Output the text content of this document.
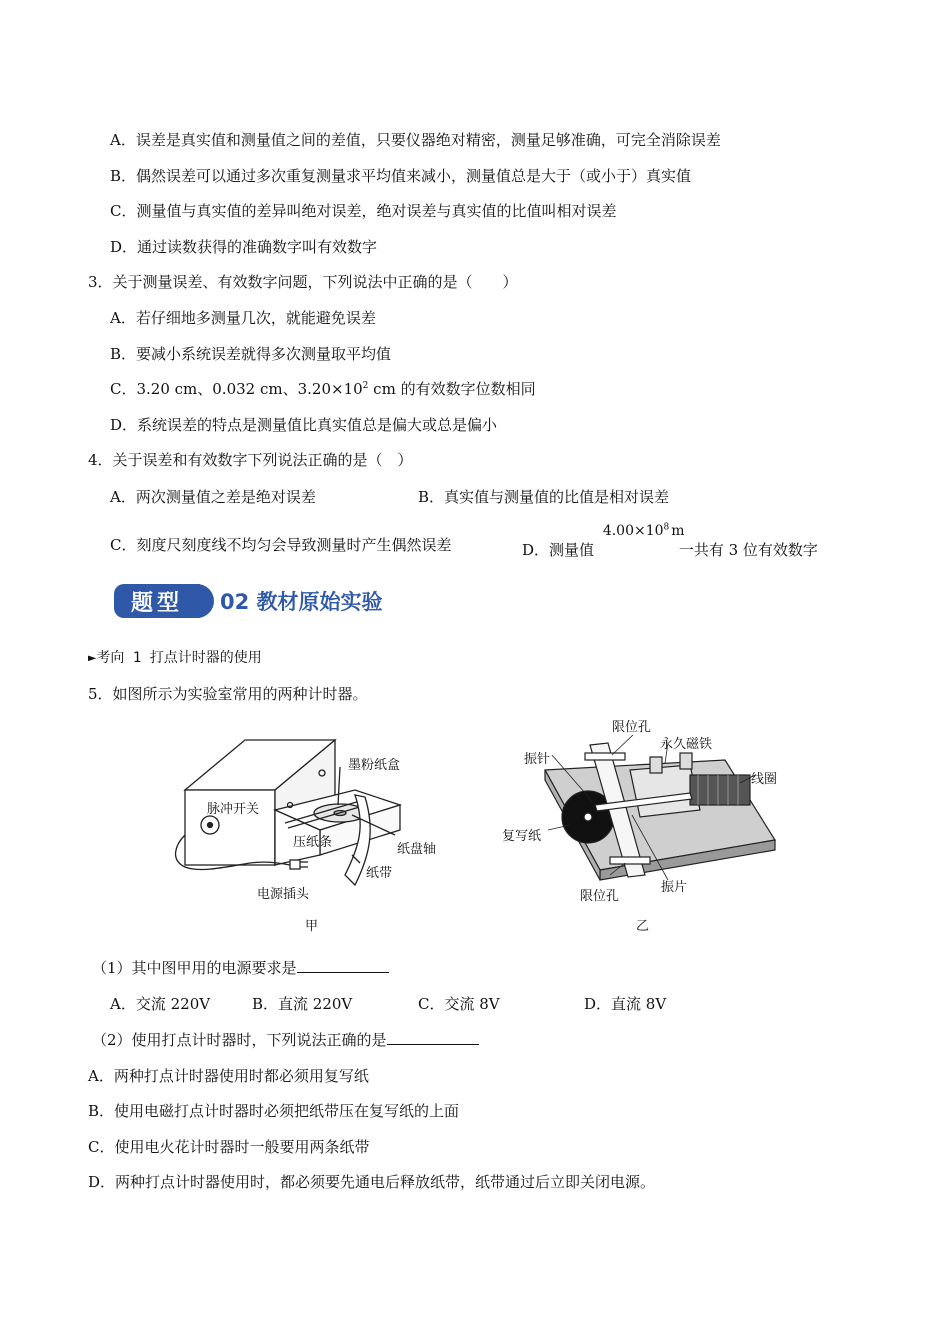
A．误差是真实值和测量值之间的差值，只要仪器绝对精密，测量足够准确，可完全消除误差
B．偶然误差可以通过多次重复测量求平均值来减小，测量值总是大于（或小于）真实值
C．测量值与真实值的差异叫绝对误差，绝对误差与真实值的比值叫相对误差
D．通过读数获得的准确数字叫有效数字
3．关于测量误差、有效数字问题，下列说法中正确的是（　　）
A．若仔细地多测量几次，就能避免误差
B．要减小系统误差就得多次测量取平均值
C．3.20 cm、0.032 cm、$3.20\times 10^2$ cm 的有效数字位数相同
D．系统误差的特点是测量值比真实值总是偏大或总是偏小
4．关于误差和有效数字下列说法正确的是（　）
A．两次测量值之差是绝对误差	B．真实值与测量值的比值是相对误差
C．刻度尺刻度线不均匀会导致测量时产生偶然误差	D．测量值
$4.00\times 10^8$ m
一共有 3 位有效数字
题型 02 教材原始实验
►考向 1 打点计时器的使用
5．如图所示为实验室常用的两种计时器。
墨粉纸盒
脉冲开关
压纸条	纸盘轴
纸带
电源插头
甲
限位孔
永久磁铁
振针
线圈
复写纸
限位孔
振片
乙
（1）其中图甲用的电源要求是
A．交流 220V	B．直流 220V	C．交流 8V	D．直流 8V
（2）使用打点计时器时，下列说法正确的是
A．两种打点计时器使用时都必须用复写纸
B．使用电磁打点计时器时必须把纸带压在复写纸的上面
C．使用电火花计时器时一般要用两条纸带
D．两种打点计时器使用时，都必须要先通电后释放纸带，纸带通过后立即关闭电源。
